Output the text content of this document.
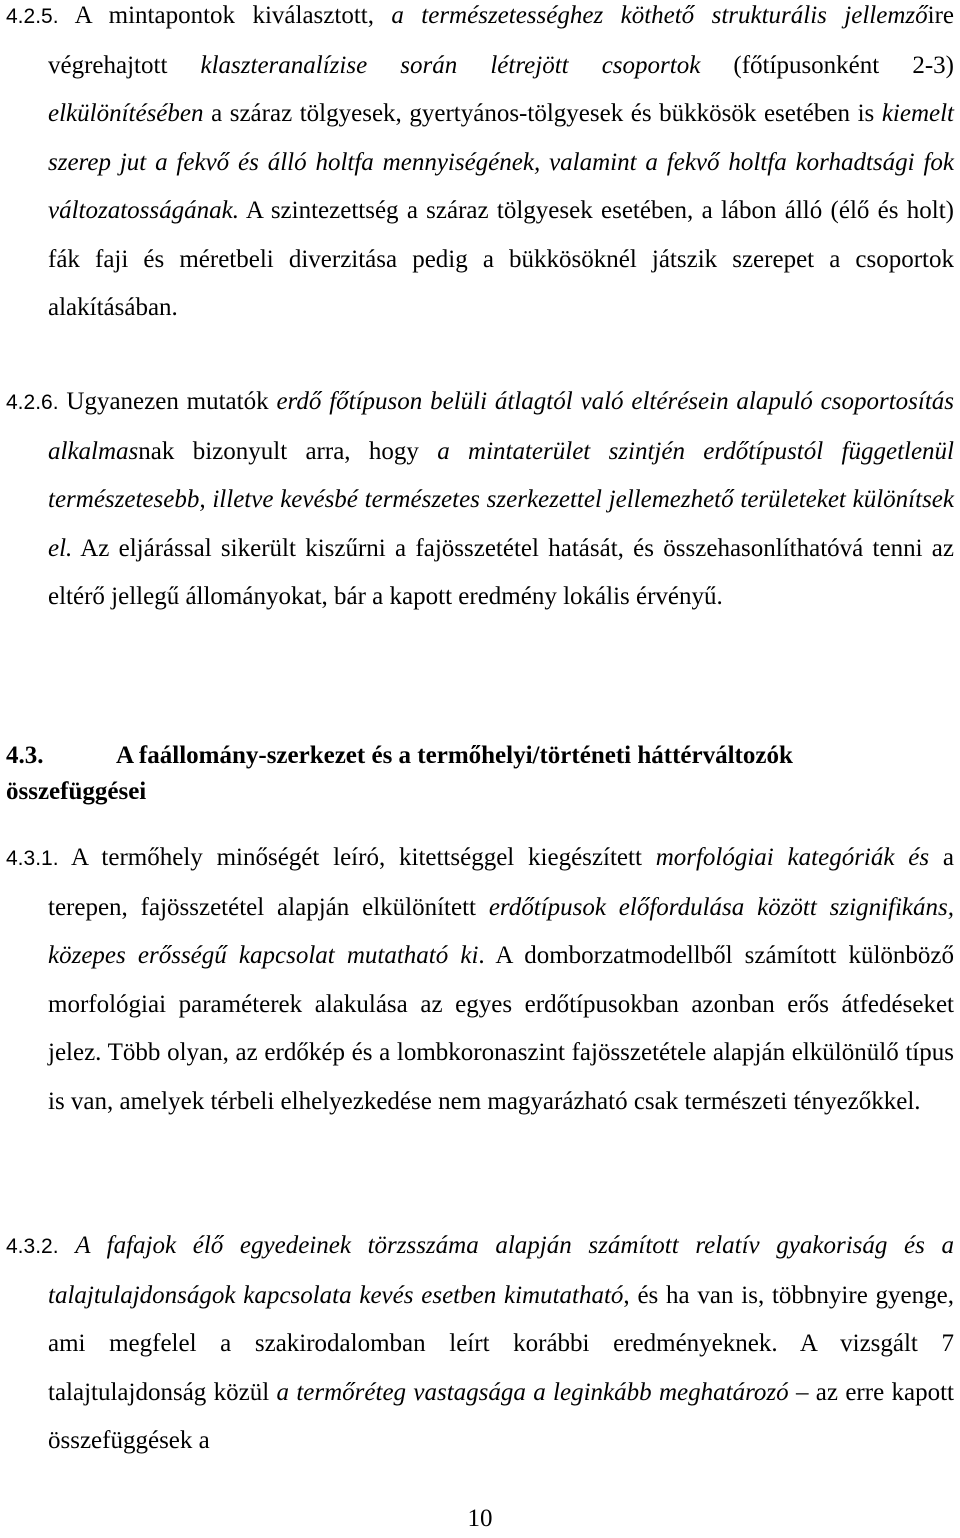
4.2.5. A mintapontok kiválasztott, a természetességhez köthető strukturális jellemzőire végrehajtott klaszteranalízise során létrejött csoportok (főtípusonként 2-3) elkülönítésében a száraz tölgyesek, gyertyános-tölgyesek és bükkösök esetében is kiemelt szerep jut a fekvő és álló holtfa mennyiségének, valamint a fekvő holtfa korhadtsági fok változatosságának. A szintezettség a száraz tölgyesek esetében, a lábon álló (élő és holt) fák faji és méretbeli diverzitása pedig a bükkösöknél játszik szerepet a csoportok alakításában.

4.2.6. Ugyanezen mutatók erdő főtípuson belüli átlagtól való eltérésein alapuló csoportosítás alkalmasnak bizonyult arra, hogy a mintaterület szintjén erdőtípustól függetlenül természetesebb, illetve kevésbé természetes szerkezettel jellemezhető területeket különítsek el. Az eljárással sikerült kiszűrni a fajösszetétel hatását, és összehasonlíthatóvá tenni az eltérő jellegű állományokat, bár a kapott eredmény lokális érvényű.

4.3.	A faállomány-szerkezet és a termőhelyi/történeti háttérváltozók összefüggései

4.3.1. A termőhely minőségét leíró, kitettséggel kiegészített morfológiai kategóriák és a terepen, fajösszetétel alapján elkülönített erdőtípusok előfordulása között szignifikáns, közepes erősségű kapcsolat mutatható ki. A domborzatmodellből számított különböző morfológiai paraméterek alakulása az egyes erdőtípusokban azonban erős átfedéseket jelez. Több olyan, az erdőkép és a lombkoronaszint fajösszetétele alapján elkülönülő típus is van, amelyek térbeli elhelyezkedése nem magyarázható csak természeti tényezőkkel.

4.3.2. A fafajok élő egyedeinek törzsszáma alapján számított relatív gyakoriság és a talajtulajdonságok kapcsolata kevés esetben kimutatható, és ha van is, többnyire gyenge, ami megfelel a szakirodalomban leírt korábbi eredményeknek. A vizsgált 7 talajtulajdonság közül a termőréteg vastagsága a leginkább meghatározó – az erre kapott összefüggések a

10
